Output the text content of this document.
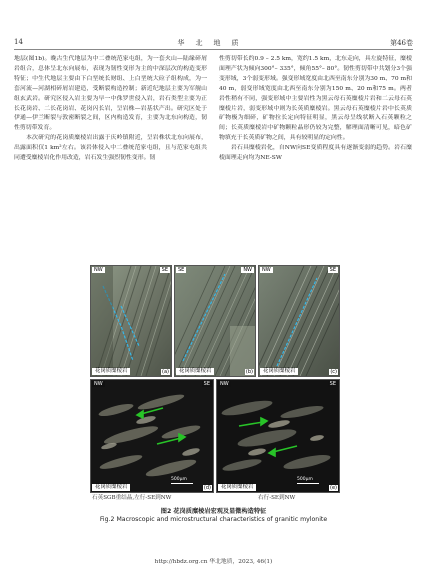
14	华北地质	第46卷

地层(图1b)。晚古生代地层为中二叠统范家屯组，为一套火山—陆缘碎屑岩组合，总体呈北东向展布，表现为韧性变形为主的中深层次的构造变形特征；中生代地层主要由下白垩统长财组、上白垩统大砬子组构成，为一套河流—河湖相碎屑岩建造，受断裂构造控制；新近纪地层主要为军舰山组玄武岩。研究区侵入岩主要为早一中侏罗世侵入岩，岩石类型主要为正长花岗岩、二长花岗岩、花岗闪长岩，呈岩株—岩基状产出。研究区处于伊通—伊兰断裂与敦密断裂之间，区内构造发育，主要为北东向构造，韧性剪切带发育。

本次研究的花岗质糜棱岩出露于庆岭镇附近，呈岩株状北东向展布，出露面积仅1 km²左右。该岩体侵入中二叠统范家屯组，且与范家屯组共同遭受糜棱岩化作用改造，岩石发生强烈韧性变形。韧

性剪切带长约0.9 – 2.5 km，宽约1.5 km，北东走向，具左旋特征，糜棱面理产状为倾向300°– 335°，倾角55°– 80°。韧性剪切带中共划分3个强变形域，3个弱变形域。强变形域宽度由北西至南东分别为30 m、70 m和40 m，弱变形域宽度由北西至南东分别为150 m、20 m和75 m。两者岩性稍有不同，强变形域中主要岩性为黑云母石英糜棱片岩和二云母石英糜棱片岩，弱变形域中则为长英质糜棱岩。黑云母石英糜棱片岩中长英质矿物极为细碎，矿物拉长定向特征明显，黑云母呈线状断入石英颗粒之间；长英质糜棱岩中矿物颗粒晶形仍较为完整，解理面清晰可见，暗色矿物填充于长英质矿物之间，具有较明显的定向性。

岩石具糜棱岩化，自NW向SE变质程度具有逐渐变弱的趋势。岩石糜棱面理走向均为NE-SW

NW	SE
花岗质糜棱岩	(a)
SE	NW
花岗质糜棱岩	(b)
NW	SE
花岗质糜棱岩	(c)
NW	SE
花岗质糜棱岩
500μm
(d)
NW	SE
花岗质糜棱岩
500μm
(e)
石英SGB重结晶,左行-SE到NW	右行-SE到NW
图2 花岗质糜棱岩宏观及显微构造特征
Fig.2 Macroscopic and microstructural characteristics of granitic mylonite
http://hbdz.org.cn 华北地质，2023, 46(1)
